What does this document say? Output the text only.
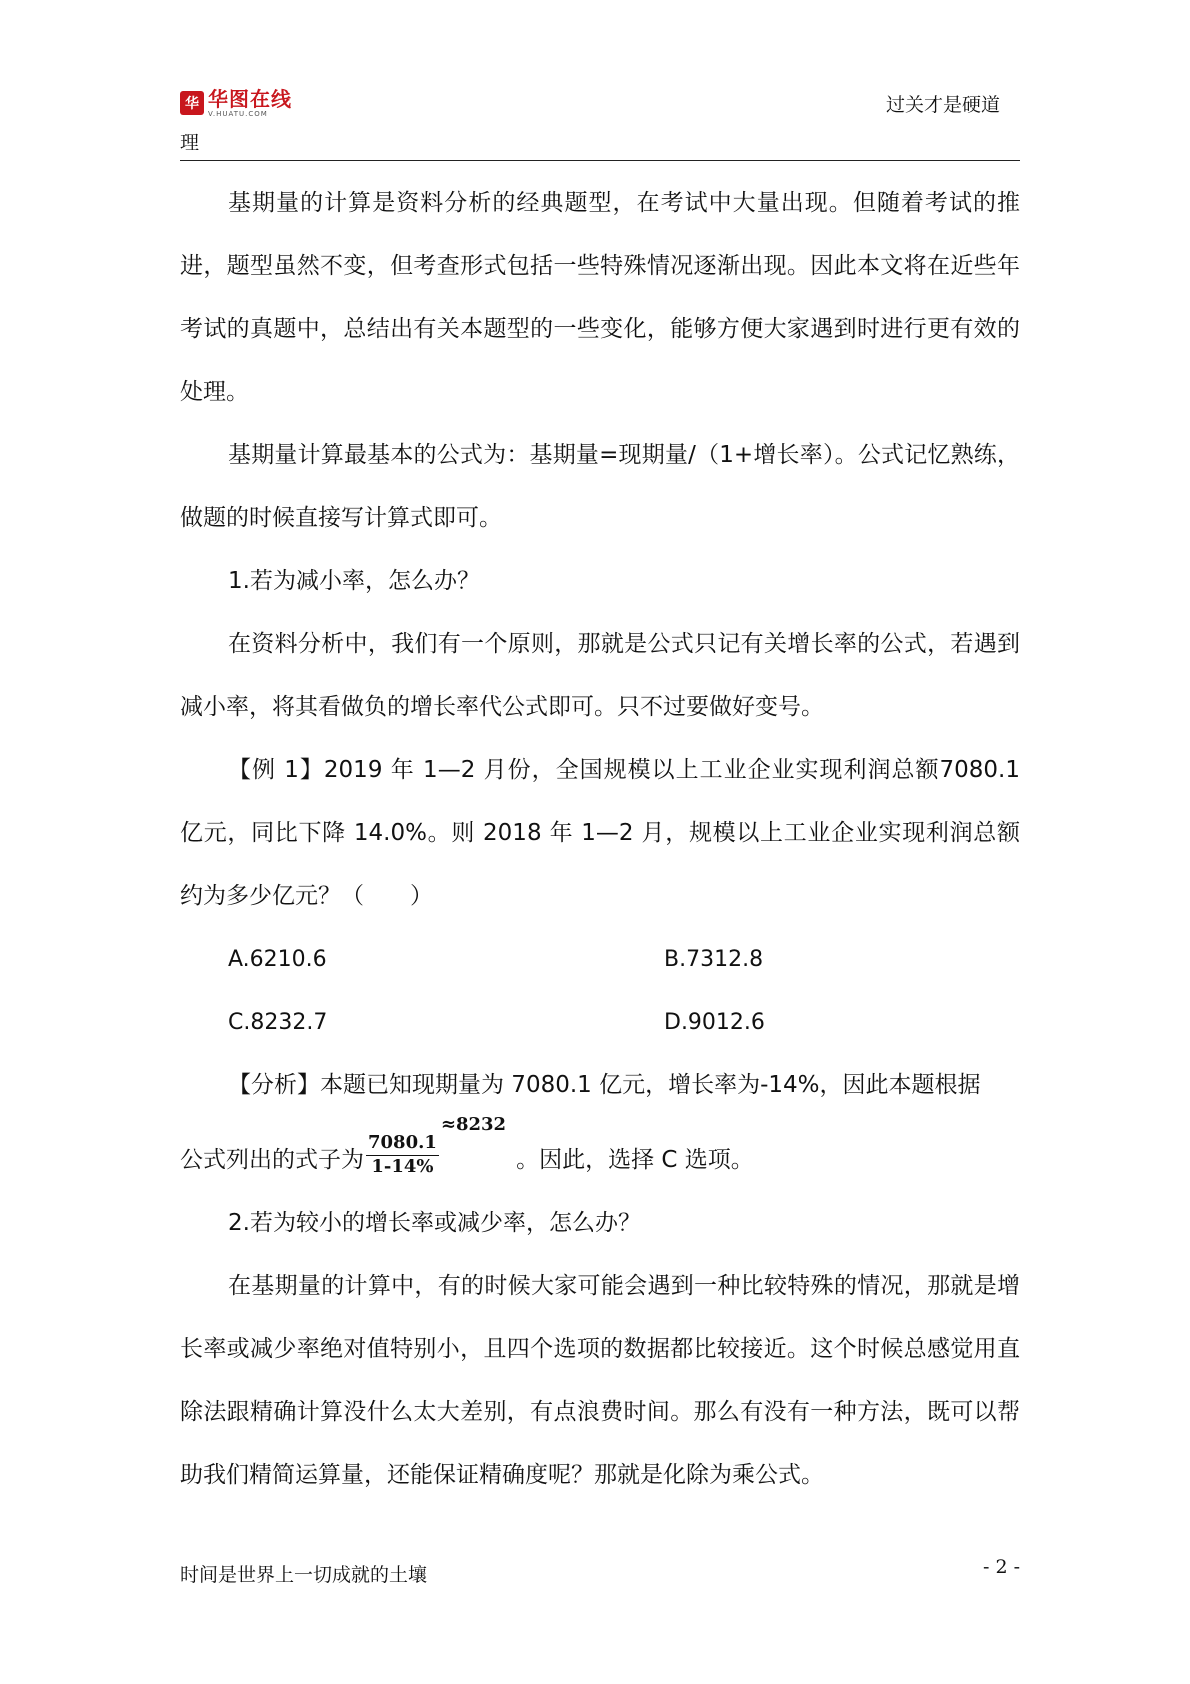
华 华图在线
V.HUATU.COM	过关才是硬道
理

基期量的计算是资料分析的经典题型，在考试中大量出现。但随着考试的推进，题型虽然不变，但考查形式包括一些特殊情况逐渐出现。因此本文将在近些年考试的真题中，总结出有关本题型的一些变化，能够方便大家遇到时进行更有效的处理。

基期量计算最基本的公式为：基期量=现期量/（1+增长率）。公式记忆熟练，做题的时候直接写计算式即可。

1.若为减小率，怎么办？

在资料分析中，我们有一个原则，那就是公式只记有关增长率的公式，若遇到减小率，将其看做负的增长率代公式即可。只不过要做好变号。

【例 1】2019 年 1—2 月份，全国规模以上工业企业实现利润总额7080.1 亿元，同比下降 14.0%。则 2018 年 1—2 月，规模以上工业企业实现利润总额约为多少亿元？（　　）

A.6210.6	B.7312.8
C.8232.7	D.9012.6

【分析】本题已知现期量为 7080.1 亿元，增长率为-14%，因此本题根据

公式列出的式子为 $\frac{7080.1}{1-14\%}$
≈8232
。因此，选择 C 选项。

2.若为较小的增长率或减少率，怎么办？

在基期量的计算中，有的时候大家可能会遇到一种比较特殊的情况，那就是增长率或减少率绝对值特别小，且四个选项的数据都比较接近。这个时候总感觉用直除法跟精确计算没什么太大差别，有点浪费时间。那么有没有一种方法，既可以帮助我们精简运算量，还能保证精确度呢？那就是化除为乘公式。

时间是世界上一切成就的土壤	- 2 -
